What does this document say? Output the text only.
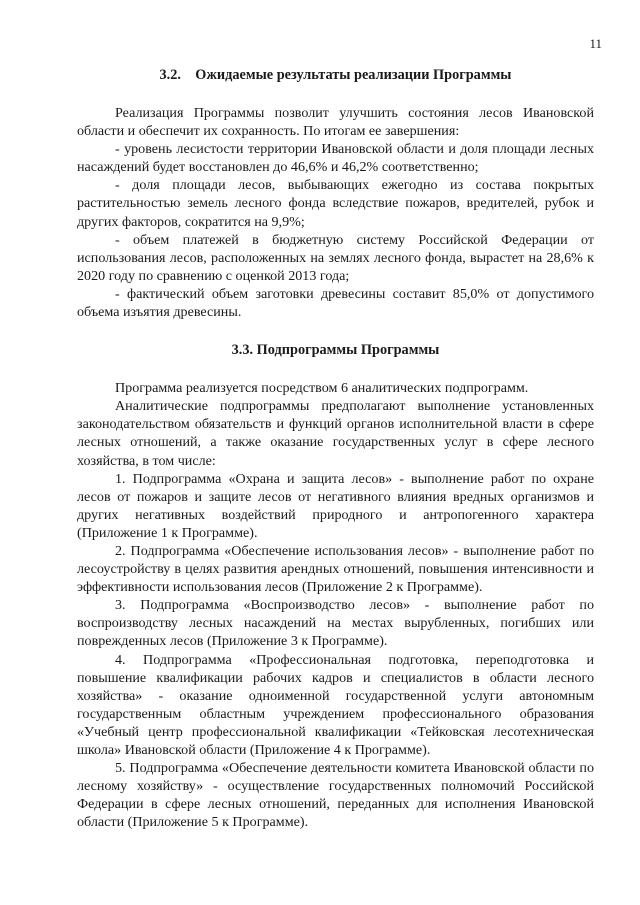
11
3.2.    Ожидаемые результаты реализации Программы

Реализация Программы позволит улучшить состояния лесов Ивановской области и обеспечит их сохранность. По итогам ее завершения:

- уровень лесистости территории Ивановской области и доля площади лесных насаждений будет восстановлен до 46,6% и 46,2% соответственно;

- доля площади лесов, выбывающих ежегодно из состава покрытых растительностью земель лесного фонда вследствие пожаров, вредителей, рубок и других факторов, сократится на 9,9%;

- объем платежей в бюджетную систему Российской Федерации от использования лесов, расположенных на землях лесного фонда, вырастет на 28,6% к 2020 году по сравнению с оценкой 2013 года;

- фактический объем заготовки древесины составит 85,0% от допустимого объема изъятия древесины.

3.3. Подпрограммы Программы

Программа реализуется посредством 6 аналитических подпрограмм.

Аналитические подпрограммы предполагают выполнение установленных законодательством обязательств и функций органов исполнительной власти в сфере лесных отношений, а также оказание государственных услуг в сфере лесного хозяйства, в том числе:

1. Подпрограмма «Охрана и защита лесов» - выполнение работ по охране лесов от пожаров и защите лесов от негативного влияния вредных организмов и других негативных воздействий природного и антропогенного характера (Приложение 1 к Программе).

2. Подпрограмма «Обеспечение использования лесов» - выполнение работ по лесоустройству в целях развития арендных отношений, повышения интенсивности и эффективности использования лесов (Приложение 2 к Программе).

3. Подпрограмма «Воспроизводство лесов» - выполнение работ по воспроизводству лесных насаждений на местах вырубленных, погибших или поврежденных лесов (Приложение 3 к Программе).

4. Подпрограмма «Профессиональная подготовка, переподготовка и повышение квалификации рабочих кадров и специалистов в области лесного хозяйства» - оказание одноименной государственной услуги автономным государственным областным учреждением профессионального образования «Учебный центр профессиональной квалификации «Тейковская лесотехническая школа» Ивановской области (Приложение 4 к Программе).

5. Подпрограмма «Обеспечение деятельности комитета Ивановской области по лесному хозяйству» - осуществление государственных полномочий Российской Федерации в сфере лесных отношений, переданных для исполнения Ивановской области (Приложение 5 к Программе).
